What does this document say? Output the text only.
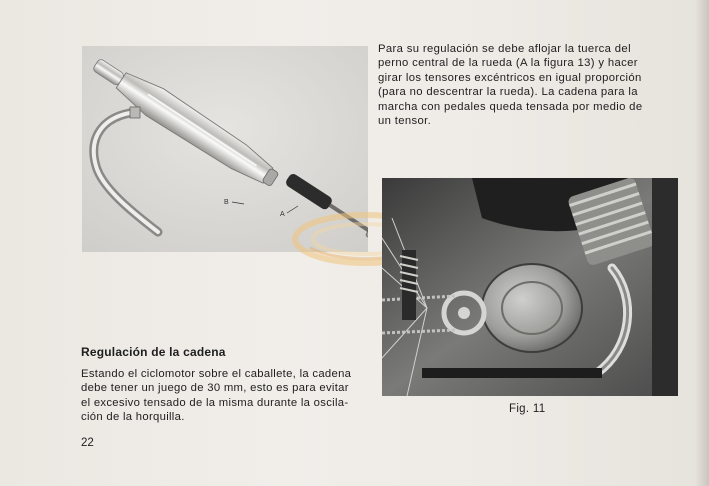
B
A
Para su regulación se debe aflojar la tuerca del
perno central de la rueda (A la figura 13) y hacer
girar los tensores excéntricos en igual proporción
(para no descentrar la rueda). La cadena para la
marcha con pedales queda tensada por medio de
un tensor.
Regulación de la cadena
Estando el ciclomotor sobre el caballete, la cadena
debe tener un juego de 30 mm, esto es para evitar
el excesivo tensado de la misma durante la oscila-
ción de la horquilla.
Fig. 11
22
